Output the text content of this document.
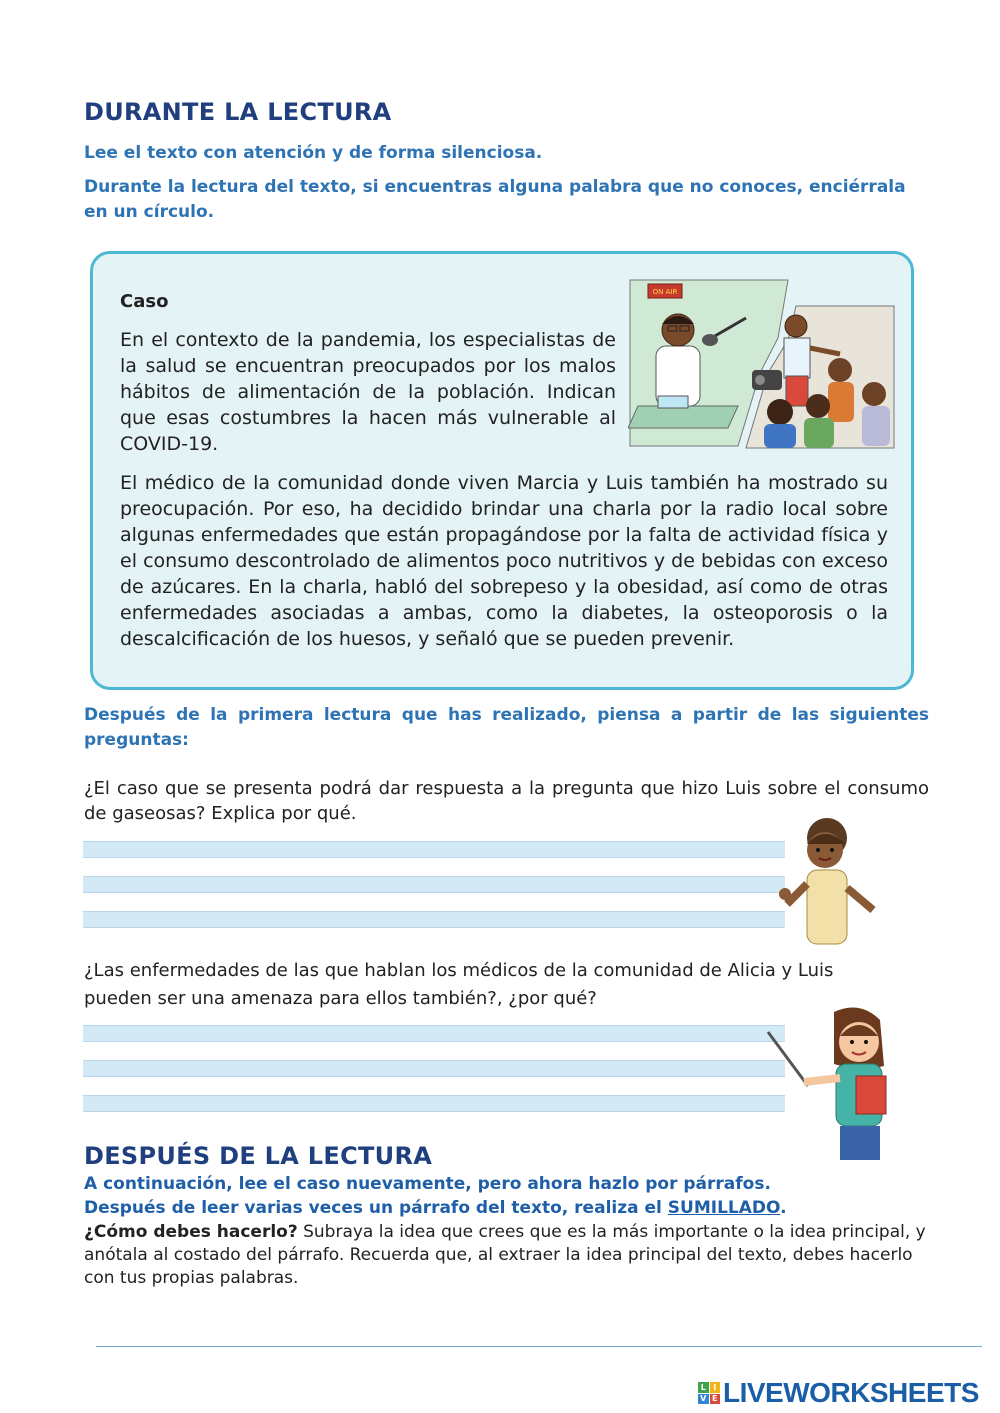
DURANTE LA LECTURA
Lee el texto con atención y de forma silenciosa.
Durante la lectura del texto, si encuentras alguna palabra que no conoces, enciérrala en un círculo.
Caso
En el contexto de la pandemia, los especialistas de la salud se encuentran preocupados por los malos hábitos de alimentación de la población. Indican que esas costumbres la hacen más vulnerable al COVID-19.
El médico de la comunidad donde viven Marcia y Luis también ha mostrado su preocupación. Por eso, ha decidido brindar una charla por la radio local sobre algunas enfermedades que están propagándose por la falta de actividad física y el consumo descontrolado de alimentos poco nutritivos y de bebidas con exceso de azúcares. En la charla, habló del sobrepeso y la obesidad, así como de otras enfermedades asociadas a ambas, como la diabetes, la osteoporosis o la descalcificación de los huesos, y señaló que se pueden prevenir.
ON AIR
Después de la primera lectura que has realizado, piensa a partir de las siguientes preguntas:
¿El caso que se presenta podrá dar respuesta a la pregunta que hizo Luis sobre el consumo de gaseosas? Explica por qué.
¿Las enfermedades de las que hablan los médicos de la comunidad de Alicia y Luis pueden ser una amenaza para ellos también?, ¿por qué?
DESPUÉS DE LA LECTURA
A continuación, lee el caso nuevamente, pero ahora hazlo por párrafos.
Después de leer varias veces un párrafo del texto, realiza el SUMILLADO.
¿Cómo debes hacerlo? Subraya la idea que crees que es la más importante o la idea principal, y anótala al costado del párrafo. Recuerda que, al extraer la idea principal del texto, debes hacerlo con tus propias palabras.
L I
V E LIVEWORKSHEETS
